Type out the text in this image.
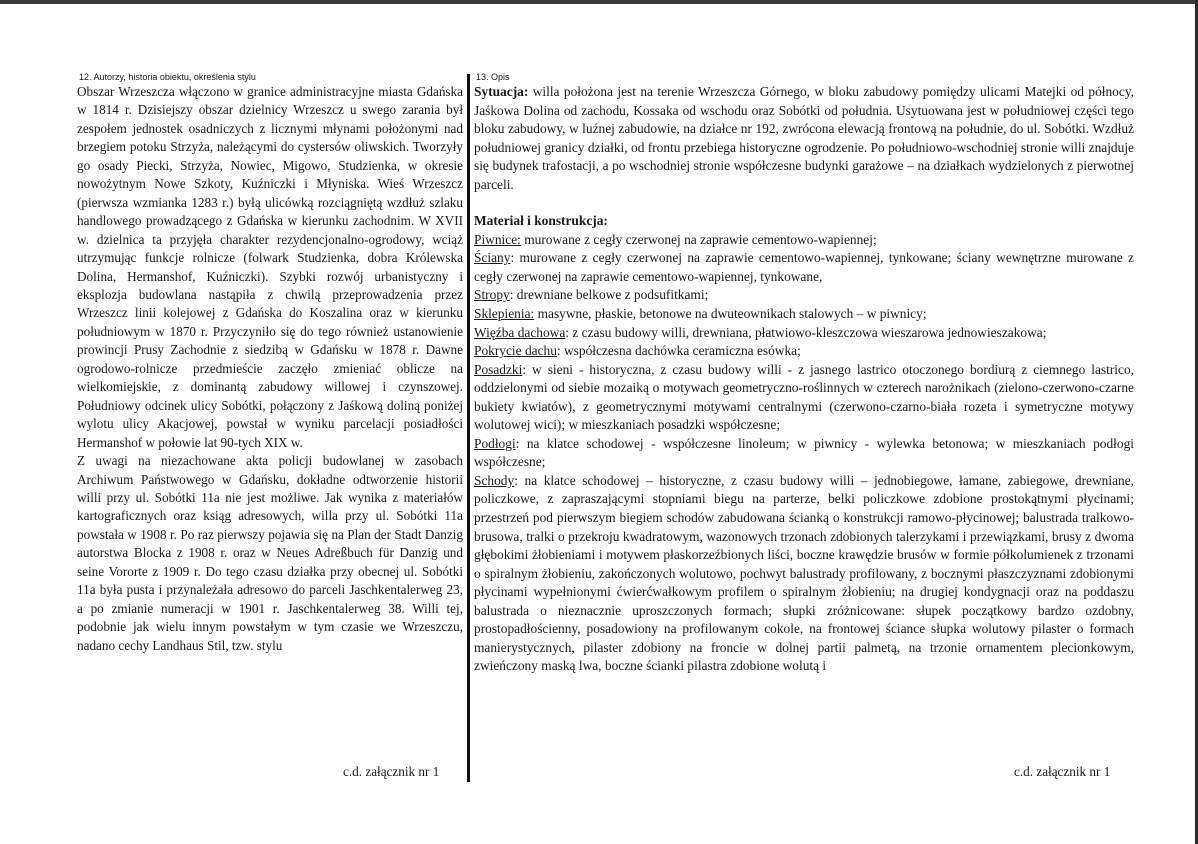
12. Autorzy, historia obiektu, określenia stylu

Obszar Wrzeszcza włączono w granice administracyjne miasta Gdańska w 1814 r. Dzisiejszy obszar dzielnicy Wrzeszcz u swego zarania był zespołem jednostek osadniczych z licznymi młynami położonymi nad brzegiem potoku Strzyża, należącymi do cystersów oliwskich. Tworzyły go osady Piecki, Strzyża, Nowiec, Migowo, Studzienka, w okresie nowożytnym Nowe Szkoty, Kuźniczki i Młyniska. Wieś Wrzeszcz (pierwsza wzmianka 1283 r.) byłą ulicówką rozciągniętą wzdłuż szlaku handlowego prowadzącego z Gdańska w kierunku zachodnim. W XVII w. dzielnica ta przyjęła charakter rezydencjonalno-ogrodowy, wciąż utrzymując funkcje rolnicze (folwark Studzienka, dobra Królewska Dolina, Hermanshof, Kuźniczki). Szybki rozwój urbanistyczny i eksplozja budowlana nastąpiła z chwilą przeprowadzenia przez Wrzeszcz linii kolejowej z Gdańska do Koszalina oraz w kierunku południowym w 1870 r. Przyczyniło się do tego również ustanowienie prowincji Prusy Zachodnie z siedzibą w Gdańsku w 1878 r. Dawne ogrodowo-rolnicze przedmieście zaczęło zmieniać oblicze na wielkomiejskie, z dominantą zabudowy willowej i czynszowej. Południowy odcinek ulicy Sobótki, połączony z Jaśkową doliną poniżej wylotu ulicy Akacjowej, powstał w wyniku parcelacji posiadłości Hermanshof w połowie lat 90-tych XIX w.

Z uwagi na niezachowane akta policji budowlanej w zasobach Archiwum Państwowego w Gdańsku, dokładne odtworzenie historii willi przy ul. Sobótki 11a nie jest możliwe. Jak wynika z materiałów kartograficznych oraz ksiąg adresowych, willa przy ul. Sobótki 11a powstała w 1908 r. Po raz pierwszy pojawia się na Plan der Stadt Danzig autorstwa Blocka z 1908 r. oraz w Neues Adreßbuch für Danzig und seine Vororte z 1909 r. Do tego czasu działka przy obecnej ul. Sobótki 11a była pusta i przynależała adresowo do parceli Jaschkentalerweg 23, a po zmianie numeracji w 1901 r. Jaschkentalerweg 38. Willi tej, podobnie jak wielu innym powstałym w tym czasie we Wrzeszczu, nadano cechy Landhaus Stil, tzw. stylu

c.d. załącznik nr 1
13. Opis

Sytuacja: willa położona jest na terenie Wrzeszcza Górnego, w bloku zabudowy pomiędzy ulicami Matejki od północy, Jaśkowa Dolina od zachodu, Kossaka od wschodu oraz Sobótki od południa. Usytuowana jest w południowej części tego bloku zabudowy, w luźnej zabudowie, na działce nr 192, zwrócona elewacją frontową na południe, do ul. Sobótki. Wzdłuż południowej granicy działki, od frontu przebiega historyczne ogrodzenie. Po południowo-wschodniej stronie willi znajduje się budynek trafostacji, a po wschodniej stronie współczesne budynki garażowe – na działkach wydzielonych z pierwotnej parceli.

Materiał i konstrukcja:

Piwnice: murowane z cegły czerwonej na zaprawie cementowo-wapiennej;

Ściany: murowane z cegły czerwonej na zaprawie cementowo-wapiennej, tynkowane; ściany wewnętrzne murowane z cegły czerwonej na zaprawie cementowo-wapiennej, tynkowane,

Stropy: drewniane belkowe z podsufitkami;

Sklepienia: masywne, płaskie, betonowe na dwuteownikach stalowych – w piwnicy;

Więźba dachowa: z czasu budowy willi, drewniana, płatwiowo-kleszczowa wieszarowa jednowieszakowa;

Pokrycie dachu: współczesna dachówka ceramiczna esówka;

Posadzki: w sieni - historyczna, z czasu budowy willi - z jasnego lastrico otoczonego bordiurą z ciemnego lastrico, oddzielonymi od siebie mozaiką o motywach geometryczno-roślinnych w czterech narożnikach (zielono-czerwono-czarne bukiety kwiatów), z geometrycznymi motywami centralnymi (czerwono-czarno-biała rozeta i symetryczne motywy wolutowej wici); w mieszkaniach posadzki współczesne;

Podłogi: na klatce schodowej - współczesne linoleum; w piwnicy - wylewka betonowa; w mieszkaniach podłogi współczesne;

Schody: na klatce schodowej – historyczne, z czasu budowy willi – jednobiegowe, łamane, zabiegowe, drewniane, policzkowe, z zapraszającymi stopniami biegu na parterze, belki policzkowe zdobione prostokątnymi płycinami; przestrzeń pod pierwszym biegiem schodów zabudowana ścianką o konstrukcji ramowo-płycinowej; balustrada tralkowo-brusowa, tralki o przekroju kwadratowym, wazonowych trzonach zdobionych talerzykami i przewiązkami, brusy z dwoma głębokimi żłobieniami i motywem płaskorzeźbionych liści, boczne krawędzie brusów w formie półkolumienek z trzonami o spiralnym żłobieniu, zakończonych wolutowo, pochwyt balustrady profilowany, z bocznymi płaszczyznami zdobionymi płycinami wypełnionymi ćwierćwałkowym profilem o spiralnym żłobieniu; na drugiej kondygnacji oraz na poddaszu balustrada o nieznacznie uproszczonych formach; słupki zróżnicowane: słupek początkowy bardzo ozdobny, prostopadłościenny, posadowiony na profilowanym cokole, na frontowej ściance słupka wolutowy pilaster o formach manierystycznych, pilaster zdobiony na froncie w dolnej partii palmetą, na trzonie ornamentem plecionkowym, zwieńczony maską lwa, boczne ścianki pilastra zdobione wolutą i

c.d. załącznik nr 1
